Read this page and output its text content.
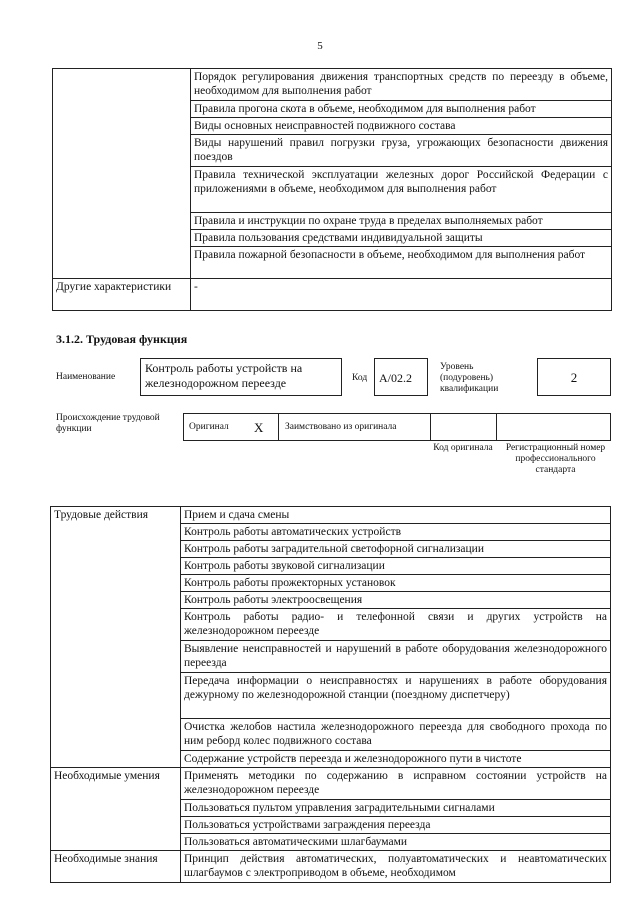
5
	Порядок регулирования движения транспортных средств по переезду в объеме, необходимом для выполнения работ
	Правила прогона скота в объеме, необходимом для выполнения работ
	Виды основных неисправностей подвижного состава
	Виды нарушений правил погрузки груза, угрожающих безопасности движения поездов
	Правила технической эксплуатации железных дорог Российской Федерации с приложениями в объеме, необходимом для выполнения работ
	Правила и инструкции по охране труда в пределах выполняемых работ
	Правила пользования средствами индивидуальной защиты
	Правила пожарной безопасности в объеме, необходимом для выполнения работ
Другие характеристики	-
3.1.2. Трудовая функция
Наименование
Контроль работы устройств на железнодорожном переезде	Код A/02.2
Уровень (подуровень) квалификации
2
Происхождение трудовой функции	Оригинал X Заимствовано из оригинала
Код оригинала	Регистрационный номер профессионального стандарта
Трудовые действия	Прием и сдача смены
	Контроль работы автоматических устройств
	Контроль работы заградительной светофорной сигнализации
	Контроль работы звуковой сигнализации
	Контроль работы прожекторных установок
	Контроль работы электроосвещения
	Контроль работы радио- и телефонной связи и других устройств на железнодорожном переезде
	Выявление неисправностей и нарушений в работе оборудования железнодорожного переезда
	Передача информации о неисправностях и нарушениях в работе оборудования дежурному по железнодорожной станции (поездному диспетчеру)
	Очистка желобов настила железнодорожного переезда для свободного прохода по ним реборд колес подвижного состава
	Содержание устройств переезда и железнодорожного пути в чистоте
Необходимые умения	Применять методики по содержанию в исправном состоянии устройств на железнодорожном переезде
	Пользоваться пультом управления заградительными сигналами
	Пользоваться устройствами заграждения переезда
	Пользоваться автоматическими шлагбаумами
Необходимые знания	Принцип действия автоматических, полуавтоматических и неавтоматических шлагбаумов с электроприводом в объеме, необходимом
